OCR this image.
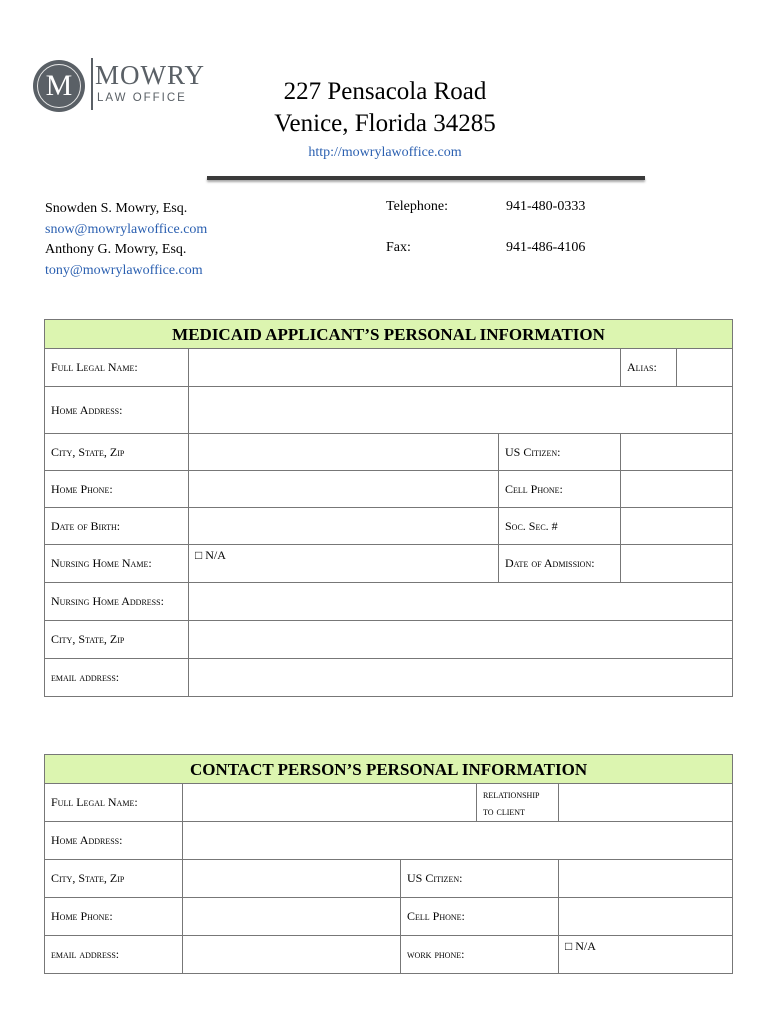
M MOWRY
LAW OFFICE	227 Pensacola Road
Venice, Florida 34285
http://mowrylawoffice.com
Snowden S. Mowry, Esq.
snow@mowrylawoffice.com
Anthony G. Mowry, Esq.
tony@mowrylawoffice.com
Telephone:	941-480-0333
Fax:	941-486-4106
MEDICAID APPLICANT’S PERSONAL INFORMATION				
Full Legal Name:			Alias:	
Home Address:				
City, State, Zip		US Citizen:		
Home Phone:		Cell Phone:		
Date of Birth:		Soc. Sec. #		
Nursing Home Name:	□ N/A	Date of Admission:		
Nursing Home Address:				
City, State, Zip				
email address:				
CONTACT PERSON’S PERSONAL INFORMATION				
Full Legal Name:			relationship to client	
Home Address:				
City, State, Zip		US Citizen:		
Home Phone:		Cell Phone:		
email address:		work phone:		□ N/A
